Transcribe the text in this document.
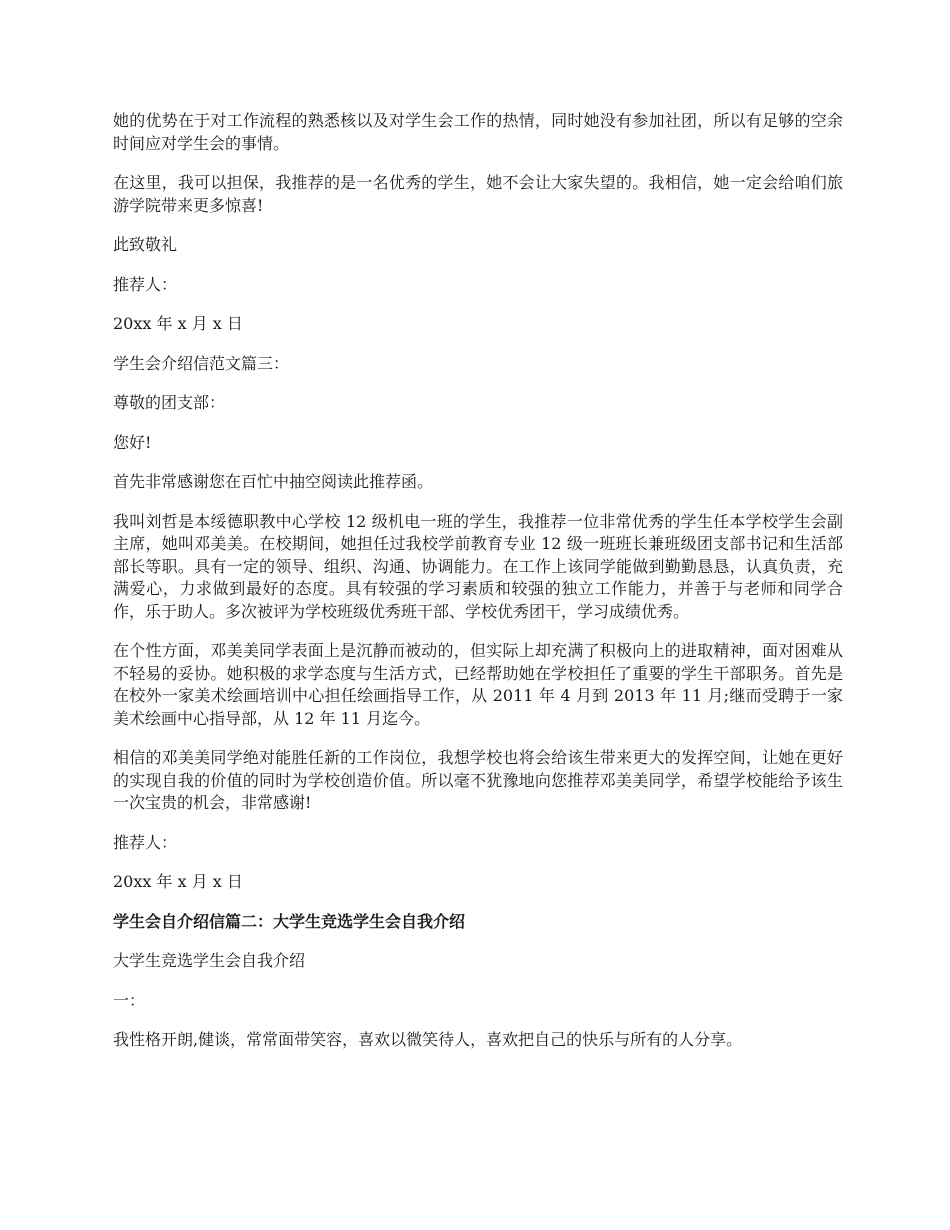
她的优势在于对工作流程的熟悉核以及对学生会工作的热情，同时她没有参加社团，所以有足够的空余时间应对学生会的事情。

在这里，我可以担保，我推荐的是一名优秀的学生，她不会让大家失望的。我相信，她一定会给咱们旅游学院带来更多惊喜!

此致敬礼

推荐人：

20xx 年 x 月 x 日

学生会介绍信范文篇三：

尊敬的团支部：

您好!

首先非常感谢您在百忙中抽空阅读此推荐函。

我叫刘哲是本绥德职教中心学校 12 级机电一班的学生，我推荐一位非常优秀的学生任本学校学生会副主席，她叫邓美美。在校期间，她担任过我校学前教育专业 12 级一班班长兼班级团支部书记和生活部部长等职。具有一定的领导、组织、沟通、协调能力。在工作上该同学能做到勤勤恳恳，认真负责，充满爱心，力求做到最好的态度。具有较强的学习素质和较强的独立工作能力，并善于与老师和同学合作，乐于助人。多次被评为学校班级优秀班干部、学校优秀团干，学习成绩优秀。

在个性方面，邓美美同学表面上是沉静而被动的，但实际上却充满了积极向上的进取精神，面对困难从不轻易的妥协。她积极的求学态度与生活方式，已经帮助她在学校担任了重要的学生干部职务。首先是在校外一家美术绘画培训中心担任绘画指导工作，从 2011 年 4 月到 2013 年 11 月;继而受聘于一家美术绘画中心指导部，从 12 年 11 月迄今。

相信的邓美美同学绝对能胜任新的工作岗位，我想学校也将会给该生带来更大的发挥空间，让她在更好的实现自我的价值的同时为学校创造价值。所以毫不犹豫地向您推荐邓美美同学，希望学校能给予该生一次宝贵的机会，非常感谢!

推荐人：

20xx 年 x 月 x 日

学生会自介绍信篇二：大学生竞选学生会自我介绍

大学生竞选学生会自我介绍

一：

我性格开朗,健谈，常常面带笑容，喜欢以微笑待人，喜欢把自己的快乐与所有的人分享。
